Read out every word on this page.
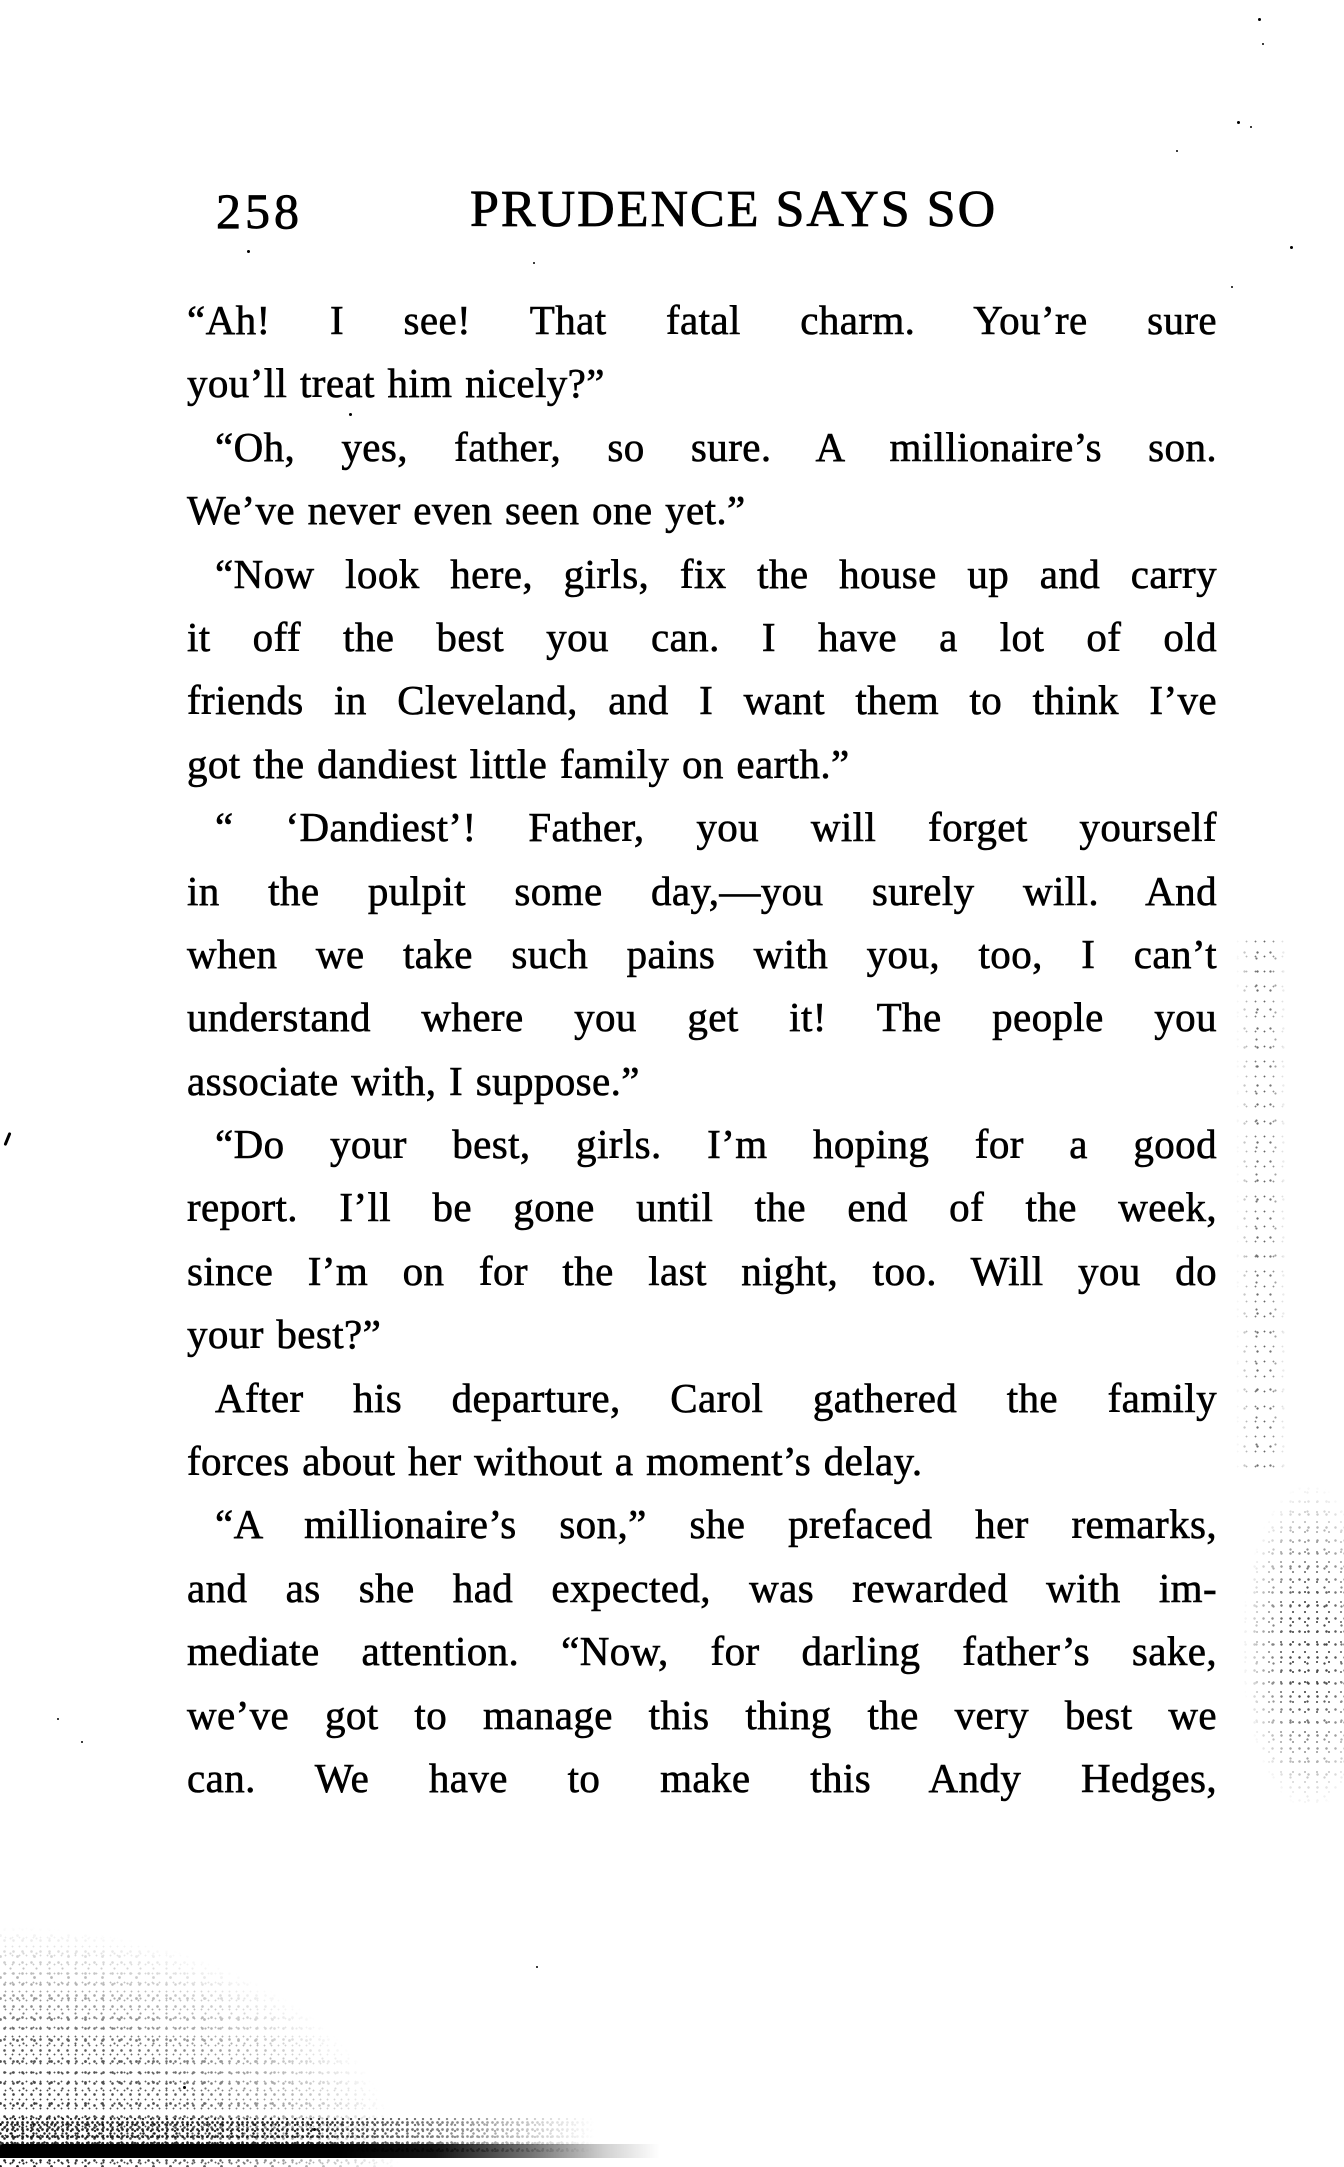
258	PRUDENCE SAYS SO
“Ah! I see! That fatal charm. You’re sure
you’ll treat him nicely?”
“Oh, yes, father, so sure. A millionaire’s son.
We’ve never even seen one yet.”
“Now look here, girls, fix the house up and carry
it off the best you can. I have a lot of old
friends in Cleveland, and I want them to think I’ve
got the dandiest little family on earth.”
“ ‘Dandiest’! Father, you will forget yourself
in the pulpit some day,—you surely will. And
when we take such pains with you, too, I can’t
understand where you get it! The people you
associate with, I suppose.”
“Do your best, girls. I’m hoping for a good
report. I’ll be gone until the end of the week,
since I’m on for the last night, too. Will you do
your best?”
After his departure, Carol gathered the family
forces about her without a moment’s delay.
“A millionaire’s son,” she prefaced her remarks,
and as she had expected, was rewarded with im-
mediate attention. “Now, for darling father’s sake,
we’ve got to manage this thing the very best we
can. We have to make this Andy Hedges,
